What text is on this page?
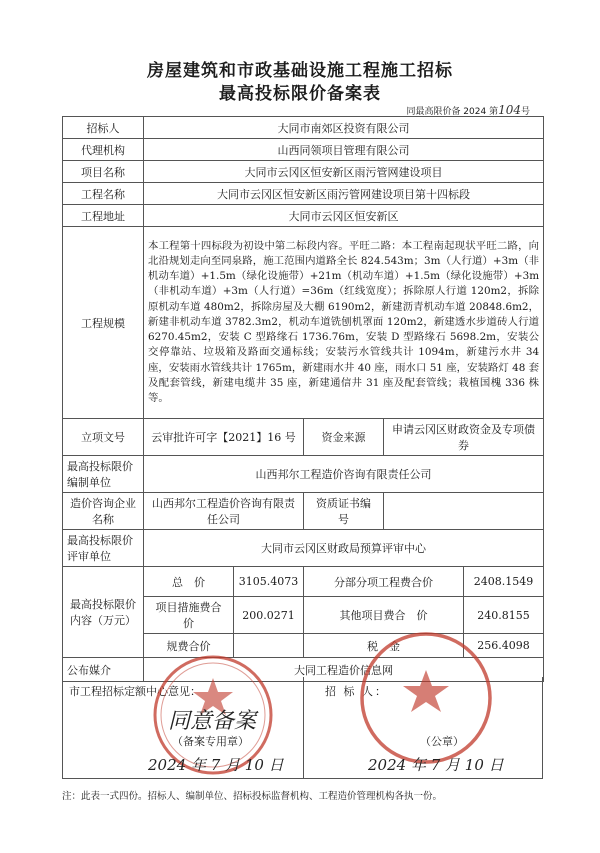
房屋建筑和市政基础设施工程施工招标
最高投标限价备案表
同最高限价备 2024 第104号
招标人	大同市南郊区投资有限公司				
代理机构	山西同领项目管理有限公司				
项目名称	大同市云冈区恒安新区雨污管网建设项目				
工程名称	大同市云冈区恒安新区雨污管网建设项目第十四标段				
工程地址	大同市云冈区恒安新区				
工程规模	本工程第十四标段为初设中第二标段内容。平旺二路：本工程南起现状平旺二路，向北沿规划走向至同泉路，施工范围内道路全长 824.543m；3m（人行道）+3m（非机动车道）+1.5m（绿化设施带）+21m（机动车道）+1.5m（绿化设施带）+3m（非机动车道）+3m（人行道）=36m（红线宽度）；拆除原人行道 120m2，拆除原机动车道 480m2，拆除房屋及大棚 6190m2，新建沥青机动车道 20848.6m2，新建非机动车道 3782.3m2，机动车道铣刨机罩面 120m2，新建透水步道砖人行道 6270.45m2，安装 C 型路缘石 1736.76m，安装 D 型路缘石 5698.2m，安装公交停靠站、垃圾箱及路面交通标线；安装污水管线共计 1094m，新建污水井 34 座，安装雨水管线共计 1765m，新建雨水井 40 座，雨水口 51 座，安装路灯 48 套及配套管线，新建电缆井 35 座，新建通信井 31 座及配套管线；栽植国槐 336 株等。				
立项文号	云审批许可字【2021】16 号		资金来源	申请云冈区财政资金及专项债券	
最高投标限价编制单位	山西邦尔工程造价咨询有限责任公司				
造价咨询企业名称	山西邦尔工程造价咨询有限责任公司		资质证书编　　号		
最高投标限价评审单位	大同市云冈区财政局预算评审中心				
最高投标限价内容（万元）	总　价	3105.4073	分部分项工程费合价		2408.1549
	项目措施费合　价	200.0271	其他项目费合　价		240.8155
	规费合价		税　金		256.4098
公布媒介	大同工程造价信息网				
市工程招标定额中心意见：	招 标 人：
同意备案
（备案专用章）	（公章）
2024 年 7 月 10 日	2024 年 7 月 10 日
注：此表一式四份。招标人、编制单位、招标投标监督机构、工程造价管理机构各执一份。
